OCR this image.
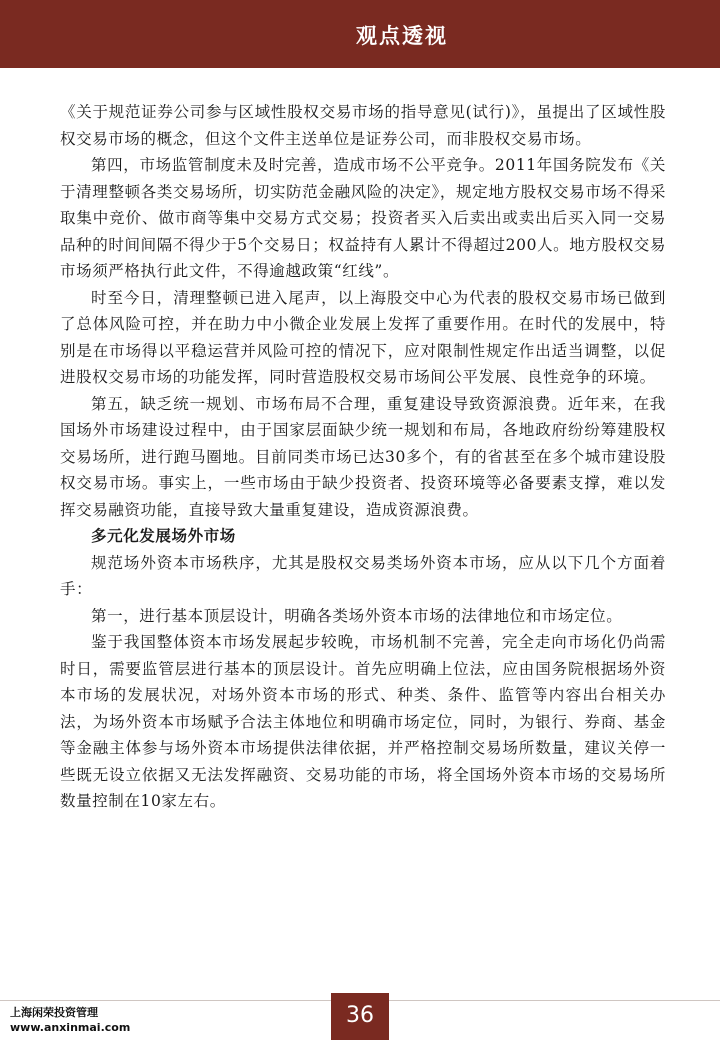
观点透视

《关于规范证券公司参与区域性股权交易市场的指导意见(试行)》，虽提出了区域性股权交易市场的概念，但这个文件主送单位是证券公司，而非股权交易市场。

第四，市场监管制度未及时完善，造成市场不公平竞争。2011年国务院发布《关于清理整顿各类交易场所，切实防范金融风险的决定》，规定地方股权交易市场不得采取集中竞价、做市商等集中交易方式交易；投资者买入后卖出或卖出后买入同一交易品种的时间间隔不得少于5个交易日；权益持有人累计不得超过200人。地方股权交易市场须严格执行此文件，不得逾越政策“红线”。

时至今日，清理整顿已进入尾声，以上海股交中心为代表的股权交易市场已做到了总体风险可控，并在助力中小微企业发展上发挥了重要作用。在时代的发展中，特别是在市场得以平稳运营并风险可控的情况下，应对限制性规定作出适当调整，以促进股权交易市场的功能发挥，同时营造股权交易市场间公平发展、良性竞争的环境。

第五，缺乏统一规划、市场布局不合理，重复建设导致资源浪费。近年来，在我国场外市场建设过程中，由于国家层面缺少统一规划和布局，各地政府纷纷筹建股权交易场所，进行跑马圈地。目前同类市场已达30多个，有的省甚至在多个城市建设股权交易市场。事实上，一些市场由于缺少投资者、投资环境等必备要素支撑，难以发挥交易融资功能，直接导致大量重复建设，造成资源浪费。

多元化发展场外市场

规范场外资本市场秩序，尤其是股权交易类场外资本市场，应从以下几个方面着手：

第一，进行基本顶层设计，明确各类场外资本市场的法律地位和市场定位。

鉴于我国整体资本市场发展起步较晚，市场机制不完善，完全走向市场化仍尚需时日，需要监管层进行基本的顶层设计。首先应明确上位法，应由国务院根据场外资本市场的发展状况，对场外资本市场的形式、种类、条件、监管等内容出台相关办法，为场外资本市场赋予合法主体地位和明确市场定位，同时，为银行、券商、基金等金融主体参与场外资本市场提供法律依据，并严格控制交易场所数量，建议关停一些既无设立依据又无法发挥融资、交易功能的市场，将全国场外资本市场的交易场所数量控制在10家左右。

上海闲荣投资管理
www.anxinmai.com	36
